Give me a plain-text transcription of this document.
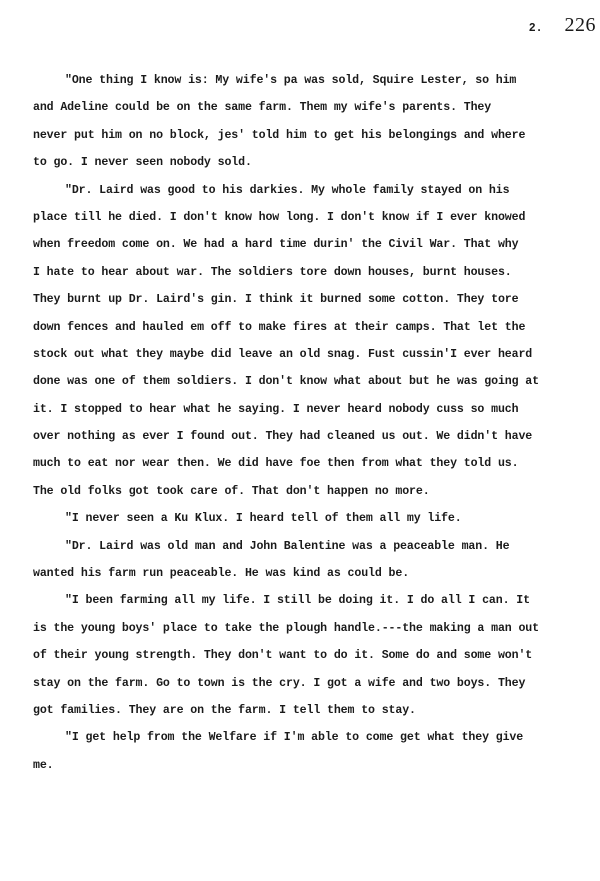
2. 226
"One thing I know is: My wife's pa was sold, Squire Lester, so him
and Adeline could be on the same farm. Them my wife's parents. They
never put him on no block, jes' told him to get his belongings and where
to go. I never seen nobody sold.
"Dr. Laird was good to his darkies. My whole family stayed on his
place till he died. I don't know how long. I don't know if I ever knowed
when freedom come on. We had a hard time durin' the Civil War. That why
I hate to hear about war. The soldiers tore down houses, burnt houses.
They burnt up Dr. Laird's gin. I think it burned some cotton. They tore
down fences and hauled em off to make fires at their camps. That let the
stock out what they maybe did leave an old snag. Fust cussin'I ever heard
done was one of them soldiers. I don't know what about but he was going at
it. I stopped to hear what he saying. I never heard nobody cuss so much
over nothing as ever I found out. They had cleaned us out. We didn't have
much to eat nor wear then. We did have foe then from what they told us.
The old folks got took care of. That don't happen no more.
"I never seen a Ku Klux. I heard tell of them all my life.
"Dr. Laird was old man and John Balentine was a peaceable man. He
wanted his farm run peaceable. He was kind as could be.
"I been farming all my life. I still be doing it. I do all I can. It
is the young boys' place to take the plough handle.---the making a man out
of their young strength. They don't want to do it. Some do and some won't
stay on the farm. Go to town is the cry. I got a wife and two boys. They
got families. They are on the farm. I tell them to stay.
"I get help from the Welfare if I'm able to come get what they give
me.
